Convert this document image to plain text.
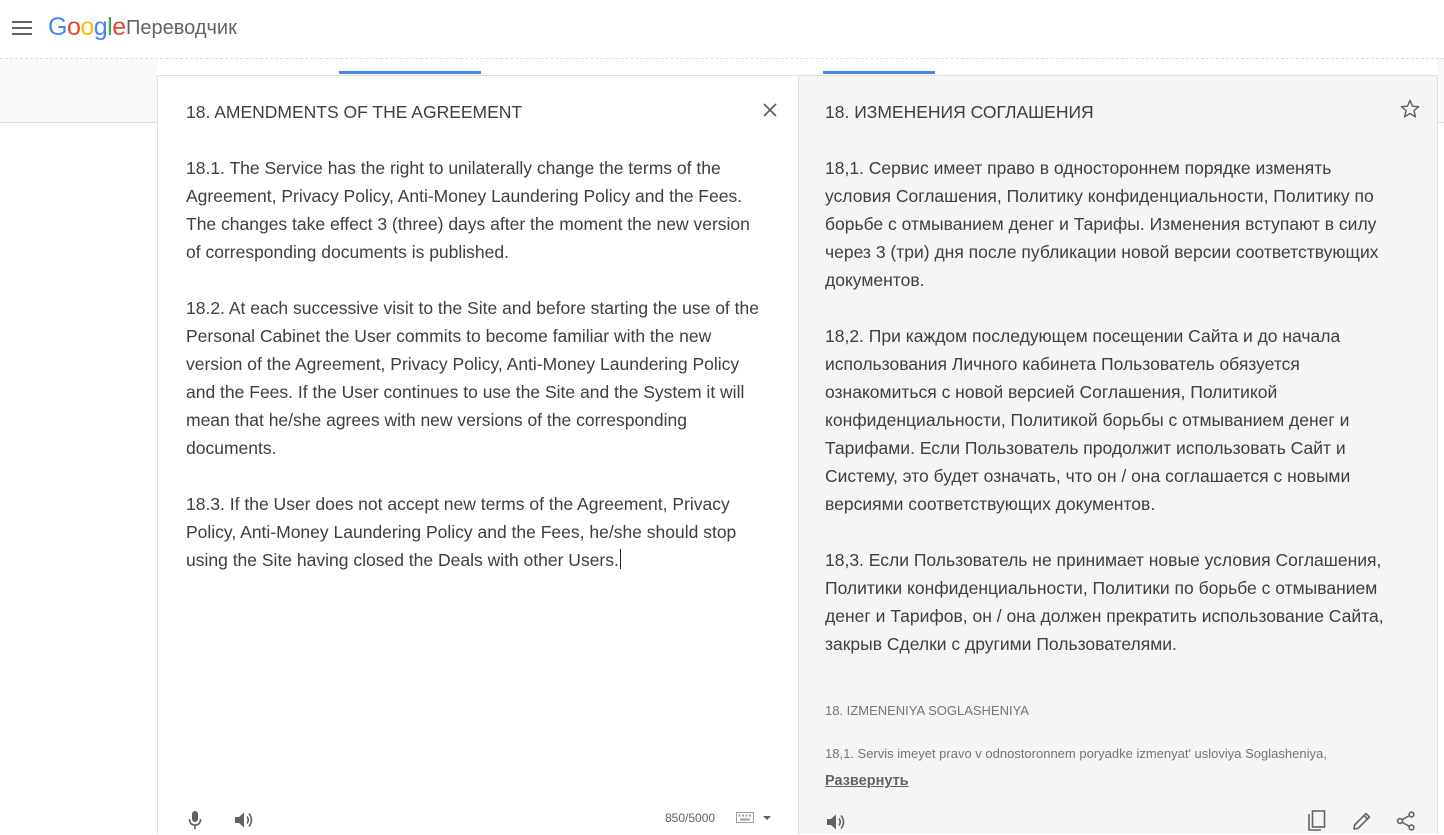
Google Переводчик
18. AMENDMENTS OF THE AGREEMENT

18.1. The Service has the right to unilaterally change the terms of the Agreement, Privacy Policy, Anti-Money Laundering Policy and the Fees. The changes take effect 3 (three) days after the moment the new version of corresponding documents is published.

18.2. At each successive visit to the Site and before starting the use of the Personal Cabinet the User commits to become familiar with the new version of the Agreement, Privacy Policy, Anti-Money Laundering Policy and the Fees. If the User continues to use the Site and the System it will mean that he/she agrees with new versions of the corresponding documents.

18.3. If the User does not accept new terms of the Agreement, Privacy Policy, Anti-Money Laundering Policy and the Fees, he/she should stop using the Site having closed the Deals with other Users.

850/5000
18. ИЗМЕНЕНИЯ СОГЛАШЕНИЯ

18,1. Сервис имеет право в одностороннем порядке изменять условия Соглашения, Политику конфиденциальности, Политику по борьбе с отмыванием денег и Тарифы. Изменения вступают в силу через 3 (три) дня после публикации новой версии соответствующих документов.

18,2. При каждом последующем посещении Сайта и до начала использования Личного кабинета Пользователь обязуется ознакомиться с новой версией Соглашения, Политикой конфиденциальности, Политикой борьбы с отмыванием денег и Тарифами. Если Пользователь продолжит использовать Сайт и Систему, это будет означать, что он / она соглашается с новыми версиями соответствующих документов.

18,3. Если Пользователь не принимает новые условия Соглашения, Политики конфиденциальности, Политики по борьбе с отмыванием денег и Тарифов, он / она должен прекратить использование Сайта, закрыв Сделки с другими Пользователями.

18. IZMENENIYA SOGLASHENIYA
18,1. Servis imeyet pravo v odnostoronnem poryadke izmenyat' usloviya Soglasheniya,
Развернуть
